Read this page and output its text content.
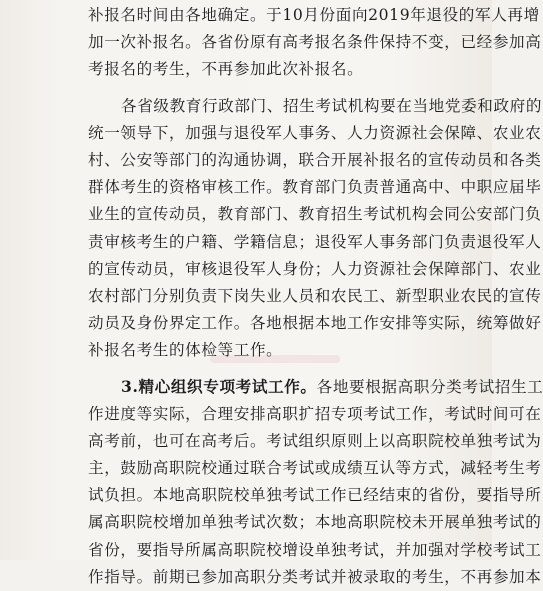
补报名时间由各地确定。于10月份面向2019年退役的军人再增
加一次补报名。各省份原有高考报名条件保持不变，已经参加高
考报名的考生，不再参加此次补报名。
各省级教育行政部门、招生考试机构要在当地党委和政府的
统一领导下，加强与退役军人事务、人力资源社会保障、农业农
村、公安等部门的沟通协调，联合开展补报名的宣传动员和各类
群体考生的资格审核工作。教育部门负责普通高中、中职应届毕
业生的宣传动员，教育部门、教育招生考试机构会同公安部门负
责审核考生的户籍、学籍信息；退役军人事务部门负责退役军人
的宣传动员，审核退役军人身份；人力资源社会保障部门、农业
农村部门分别负责下岗失业人员和农民工、新型职业农民的宣传
动员及身份界定工作。各地根据本地工作安排等实际，统筹做好
补报名考生的体检等工作。
3.精心组织专项考试工作。各地要根据高职分类考试招生工
作进度等实际，合理安排高职扩招专项考试工作，考试时间可在
高考前，也可在高考后。考试组织原则上以高职院校单独考试为
主，鼓励高职院校通过联合考试或成绩互认等方式，减轻考生考
试负担。本地高职院校单独考试工作已经结束的省份，要指导所
属高职院校增加单独考试次数；本地高职院校未开展单独考试的
省份，要指导所属高职院校增设单独考试，并加强对学校考试工
作指导。前期已参加高职分类考试并被录取的考生，不再参加本
